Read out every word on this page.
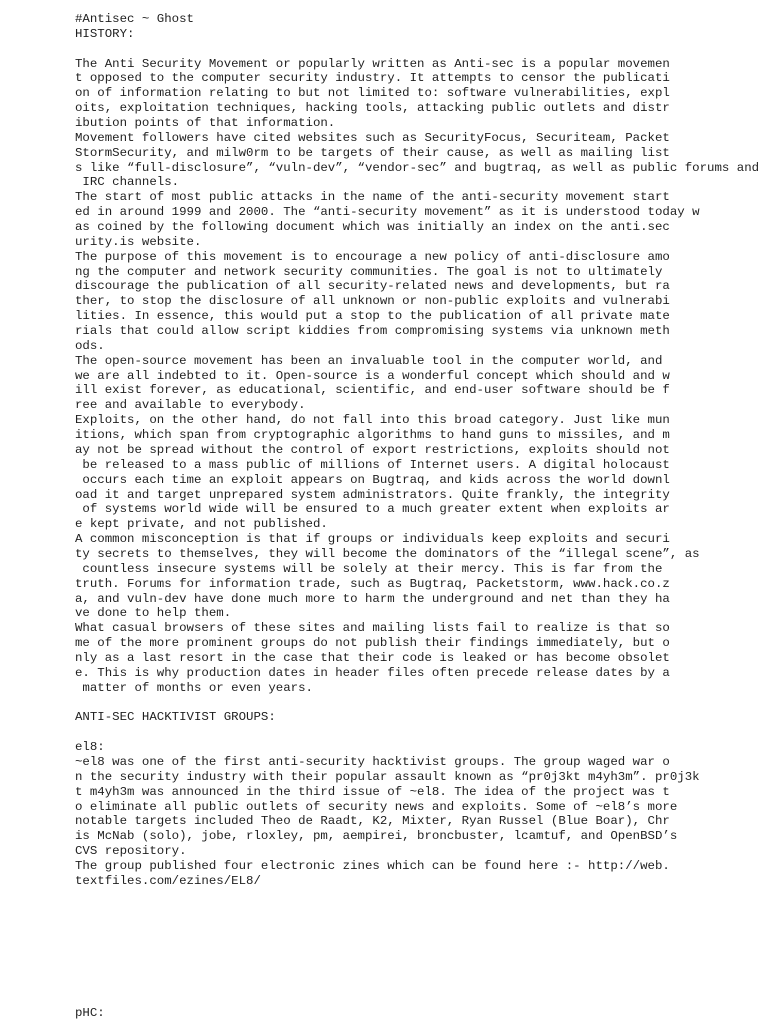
#Antisec ~ Ghost
HISTORY:
The Anti Security Movement or popularly written as Anti-sec is a popular movemen
t opposed to the computer security industry. It attempts to censor the publicati
on of information relating to but not limited to: software vulnerabilities, expl
oits, exploitation techniques, hacking tools, attacking public outlets and distr
ibution points of that information.
Movement followers have cited websites such as SecurityFocus, Securiteam, Packet
StormSecurity, and milw0rm to be targets of their cause, as well as mailing list
s like “full-disclosure”, “vuln-dev”, “vendor-sec” and bugtraq, as well as public forums and
IRC channels.
The start of most public attacks in the name of the anti-security movement start
ed in around 1999 and 2000. The “anti-security movement” as it is understood today w
as coined by the following document which was initially an index on the anti.sec
urity.is website.
The purpose of this movement is to encourage a new policy of anti-disclosure amo
ng the computer and network security communities. The goal is not to ultimately
discourage the publication of all security-related news and developments, but ra
ther, to stop the disclosure of all unknown or non-public exploits and vulnerabi
lities. In essence, this would put a stop to the publication of all private mate
rials that could allow script kiddies from compromising systems via unknown meth
ods.
The open-source movement has been an invaluable tool in the computer world, and
we are all indebted to it. Open-source is a wonderful concept which should and w
ill exist forever, as educational, scientific, and end-user software should be f
ree and available to everybody.
Exploits, on the other hand, do not fall into this broad category. Just like mun
itions, which span from cryptographic algorithms to hand guns to missiles, and m
ay not be spread without the control of export restrictions, exploits should not
be released to a mass public of millions of Internet users. A digital holocaust
occurs each time an exploit appears on Bugtraq, and kids across the world downl
oad it and target unprepared system administrators. Quite frankly, the integrity
of systems world wide will be ensured to a much greater extent when exploits ar
e kept private, and not published.
A common misconception is that if groups or individuals keep exploits and securi
ty secrets to themselves, they will become the dominators of the “illegal scene”, as
countless insecure systems will be solely at their mercy. This is far from the
truth. Forums for information trade, such as Bugtraq, Packetstorm, www.hack.co.z
a, and vuln-dev have done much more to harm the underground and net than they ha
ve done to help them.
What casual browsers of these sites and mailing lists fail to realize is that so
me of the more prominent groups do not publish their findings immediately, but o
nly as a last resort in the case that their code is leaked or has become obsolet
e. This is why production dates in header files often precede release dates by a
matter of months or even years.
ANTI-SEC HACKTIVIST GROUPS:
el8:
~el8 was one of the first anti-security hacktivist groups. The group waged war o
n the security industry with their popular assault known as “pr0j3kt m4yh3m”. pr0j3k
t m4yh3m was announced in the third issue of ~el8. The idea of the project was t
o eliminate all public outlets of security news and exploits. Some of ~el8’s more
notable targets included Theo de Raadt, K2, Mixter, Ryan Russel (Blue Boar), Chr
is McNab (solo), jobe, rloxley, pm, aempirei, broncbuster, lcamtuf, and OpenBSD’s
CVS repository.
The group published four electronic zines which can be found here :- http://web.
textfiles.com/ezines/EL8/
pHC:
